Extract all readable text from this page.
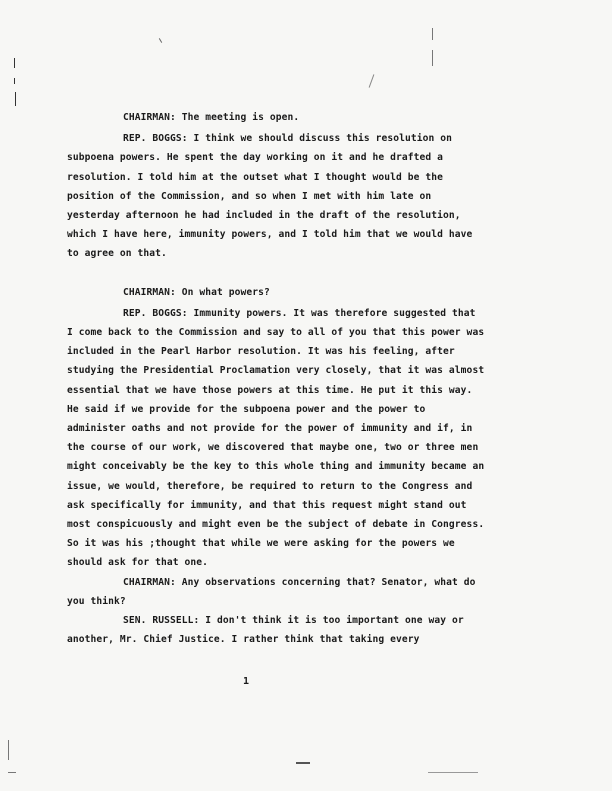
CHAIRMAN: The meeting is open.

REP. BOGGS: I think we should discuss this resolution on subpoena powers. He spent the day working on it and he drafted a resolution. I told him at the outset what I thought would be the position of the Commission, and so when I met with him late on yesterday afternoon he had included in the draft of the resolution, which I have here, immunity powers, and I told him that we would have to agree on that.

CHAIRMAN: On what powers?

REP. BOGGS: Immunity powers. It was therefore suggested that I come back to the Commission and say to all of you that this power was included in the Pearl Harbor resolution. It was his feeling, after studying the Presidential Proclamation very closely, that it was almost essential that we have those powers at this time. He put it this way. He said if we provide for the subpoena power and the power to administer oaths and not provide for the power of immunity and if, in the course of our work, we discovered that maybe one, two or three men might conceivably be the key to this whole thing and immunity became an issue, we would, therefore, be required to return to the Congress and ask specifically for immunity, and that this request might stand out most conspicuously and might even be the subject of debate in Congress. So it was his ;thought that while we were asking for the powers we should ask for that one.

CHAIRMAN: Any observations concerning that? Senator, what do you think?

SEN. RUSSELL: I don't think it is too important one way or another, Mr. Chief Justice. I rather think that taking every

1
